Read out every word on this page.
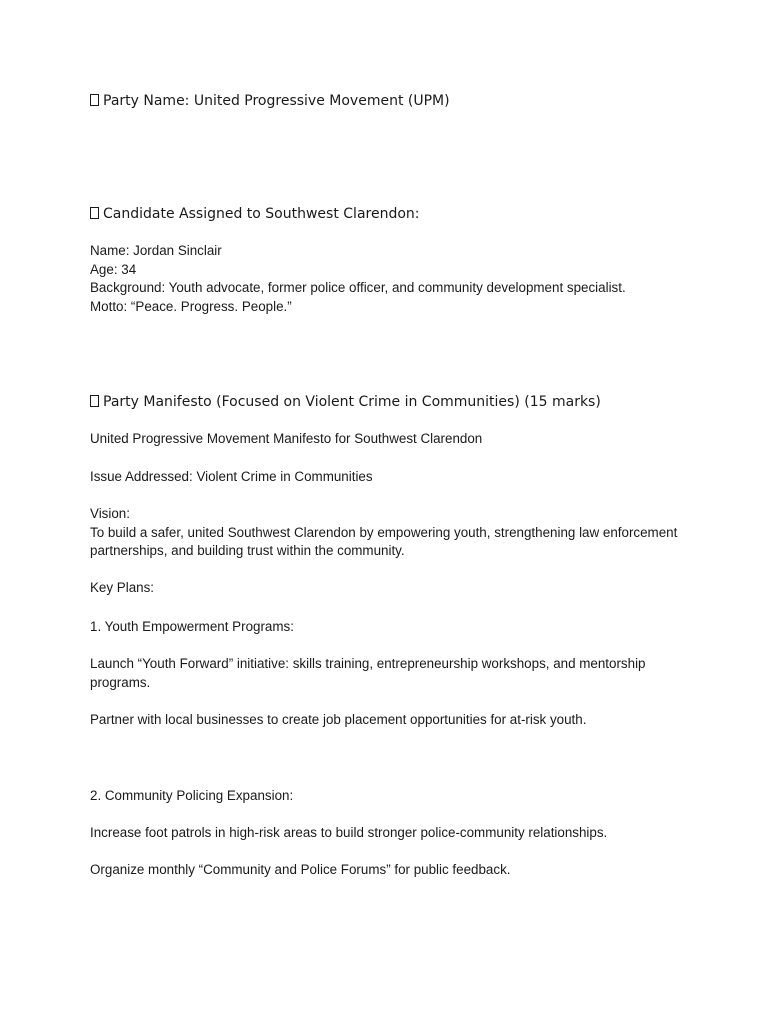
Party Name: United Progressive Movement (UPM)
Candidate Assigned to Southwest Clarendon:
Name: Jordan Sinclair
Age: 34
Background: Youth advocate, former police officer, and community development specialist.
Motto: “Peace. Progress. People.”
Party Manifesto (Focused on Violent Crime in Communities) (15 marks)
United Progressive Movement Manifesto for Southwest Clarendon
Issue Addressed: Violent Crime in Communities
Vision:
To build a safer, united Southwest Clarendon by empowering youth, strengthening law enforcement partnerships, and building trust within the community.
Key Plans:
1. Youth Empowerment Programs:
Launch “Youth Forward” initiative: skills training, entrepreneurship workshops, and mentorship programs.
Partner with local businesses to create job placement opportunities for at-risk youth.
2. Community Policing Expansion:
Increase foot patrols in high-risk areas to build stronger police-community relationships.
Organize monthly “Community and Police Forums” for public feedback.
